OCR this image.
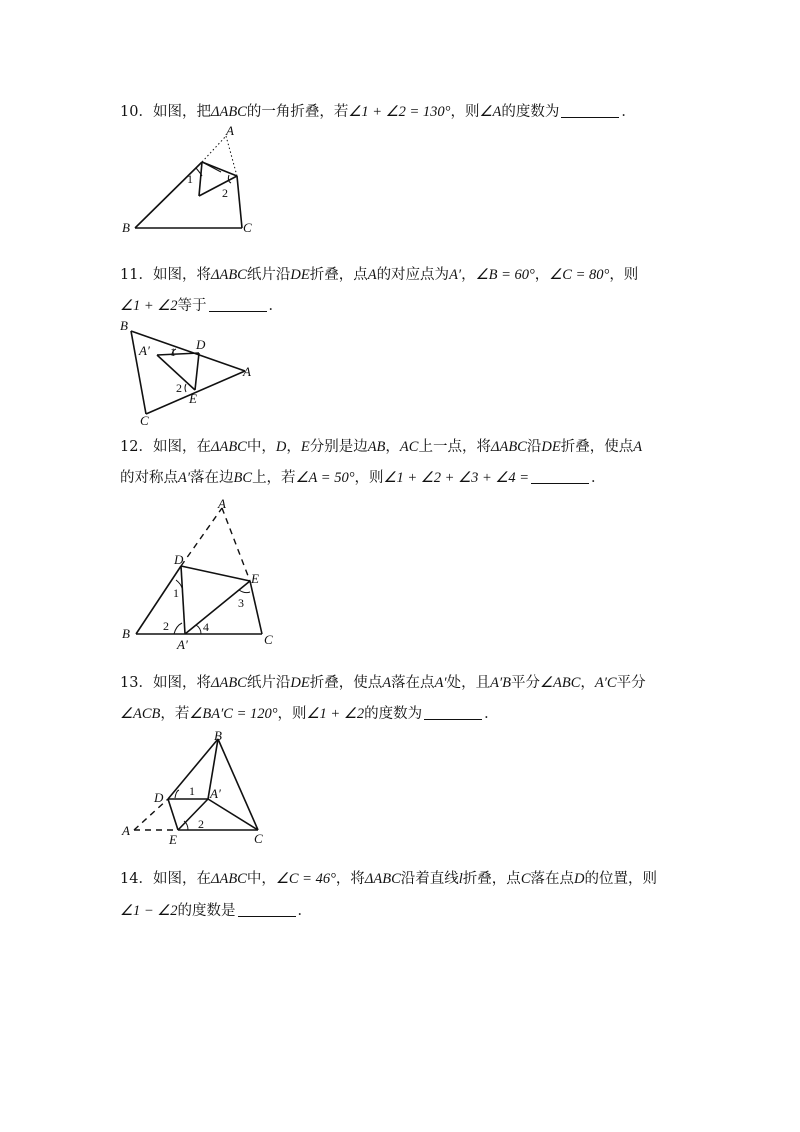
10．如图，把ΔABC的一角折叠，若∠1 + ∠2 = 130°，则∠A的度数为	．
A
B	C
1
2
11．如图，将ΔABC纸片沿DE折叠，点A的对应点为A′，∠B = 60°，∠C = 80°，则
∠1 + ∠2等于	．
B
C
A
D
E
A′ 1
2
12．如图，在ΔABC中，D，E分别是边AB，AC上一点，将ΔABC沿DE折叠，使点A
的对称点A′落在边BC上，若∠A = 50°，则∠1 + ∠2 + ∠3 + ∠4 =	．
A
B	C
D
E
A′
1
2
3
4
13．如图，将ΔABC纸片沿DE折叠，使点A落在点A′处，且A′B平分∠ABC，A′C平分
∠ACB，若∠BA′C = 120°，则∠1 + ∠2的度数为	．
B
A
C
D
E
A′
1
2
14．如图，在ΔABC中，∠C = 46°，将ΔABC沿着直线l折叠，点C落在点D的位置，则
∠1 − ∠2的度数是	．
